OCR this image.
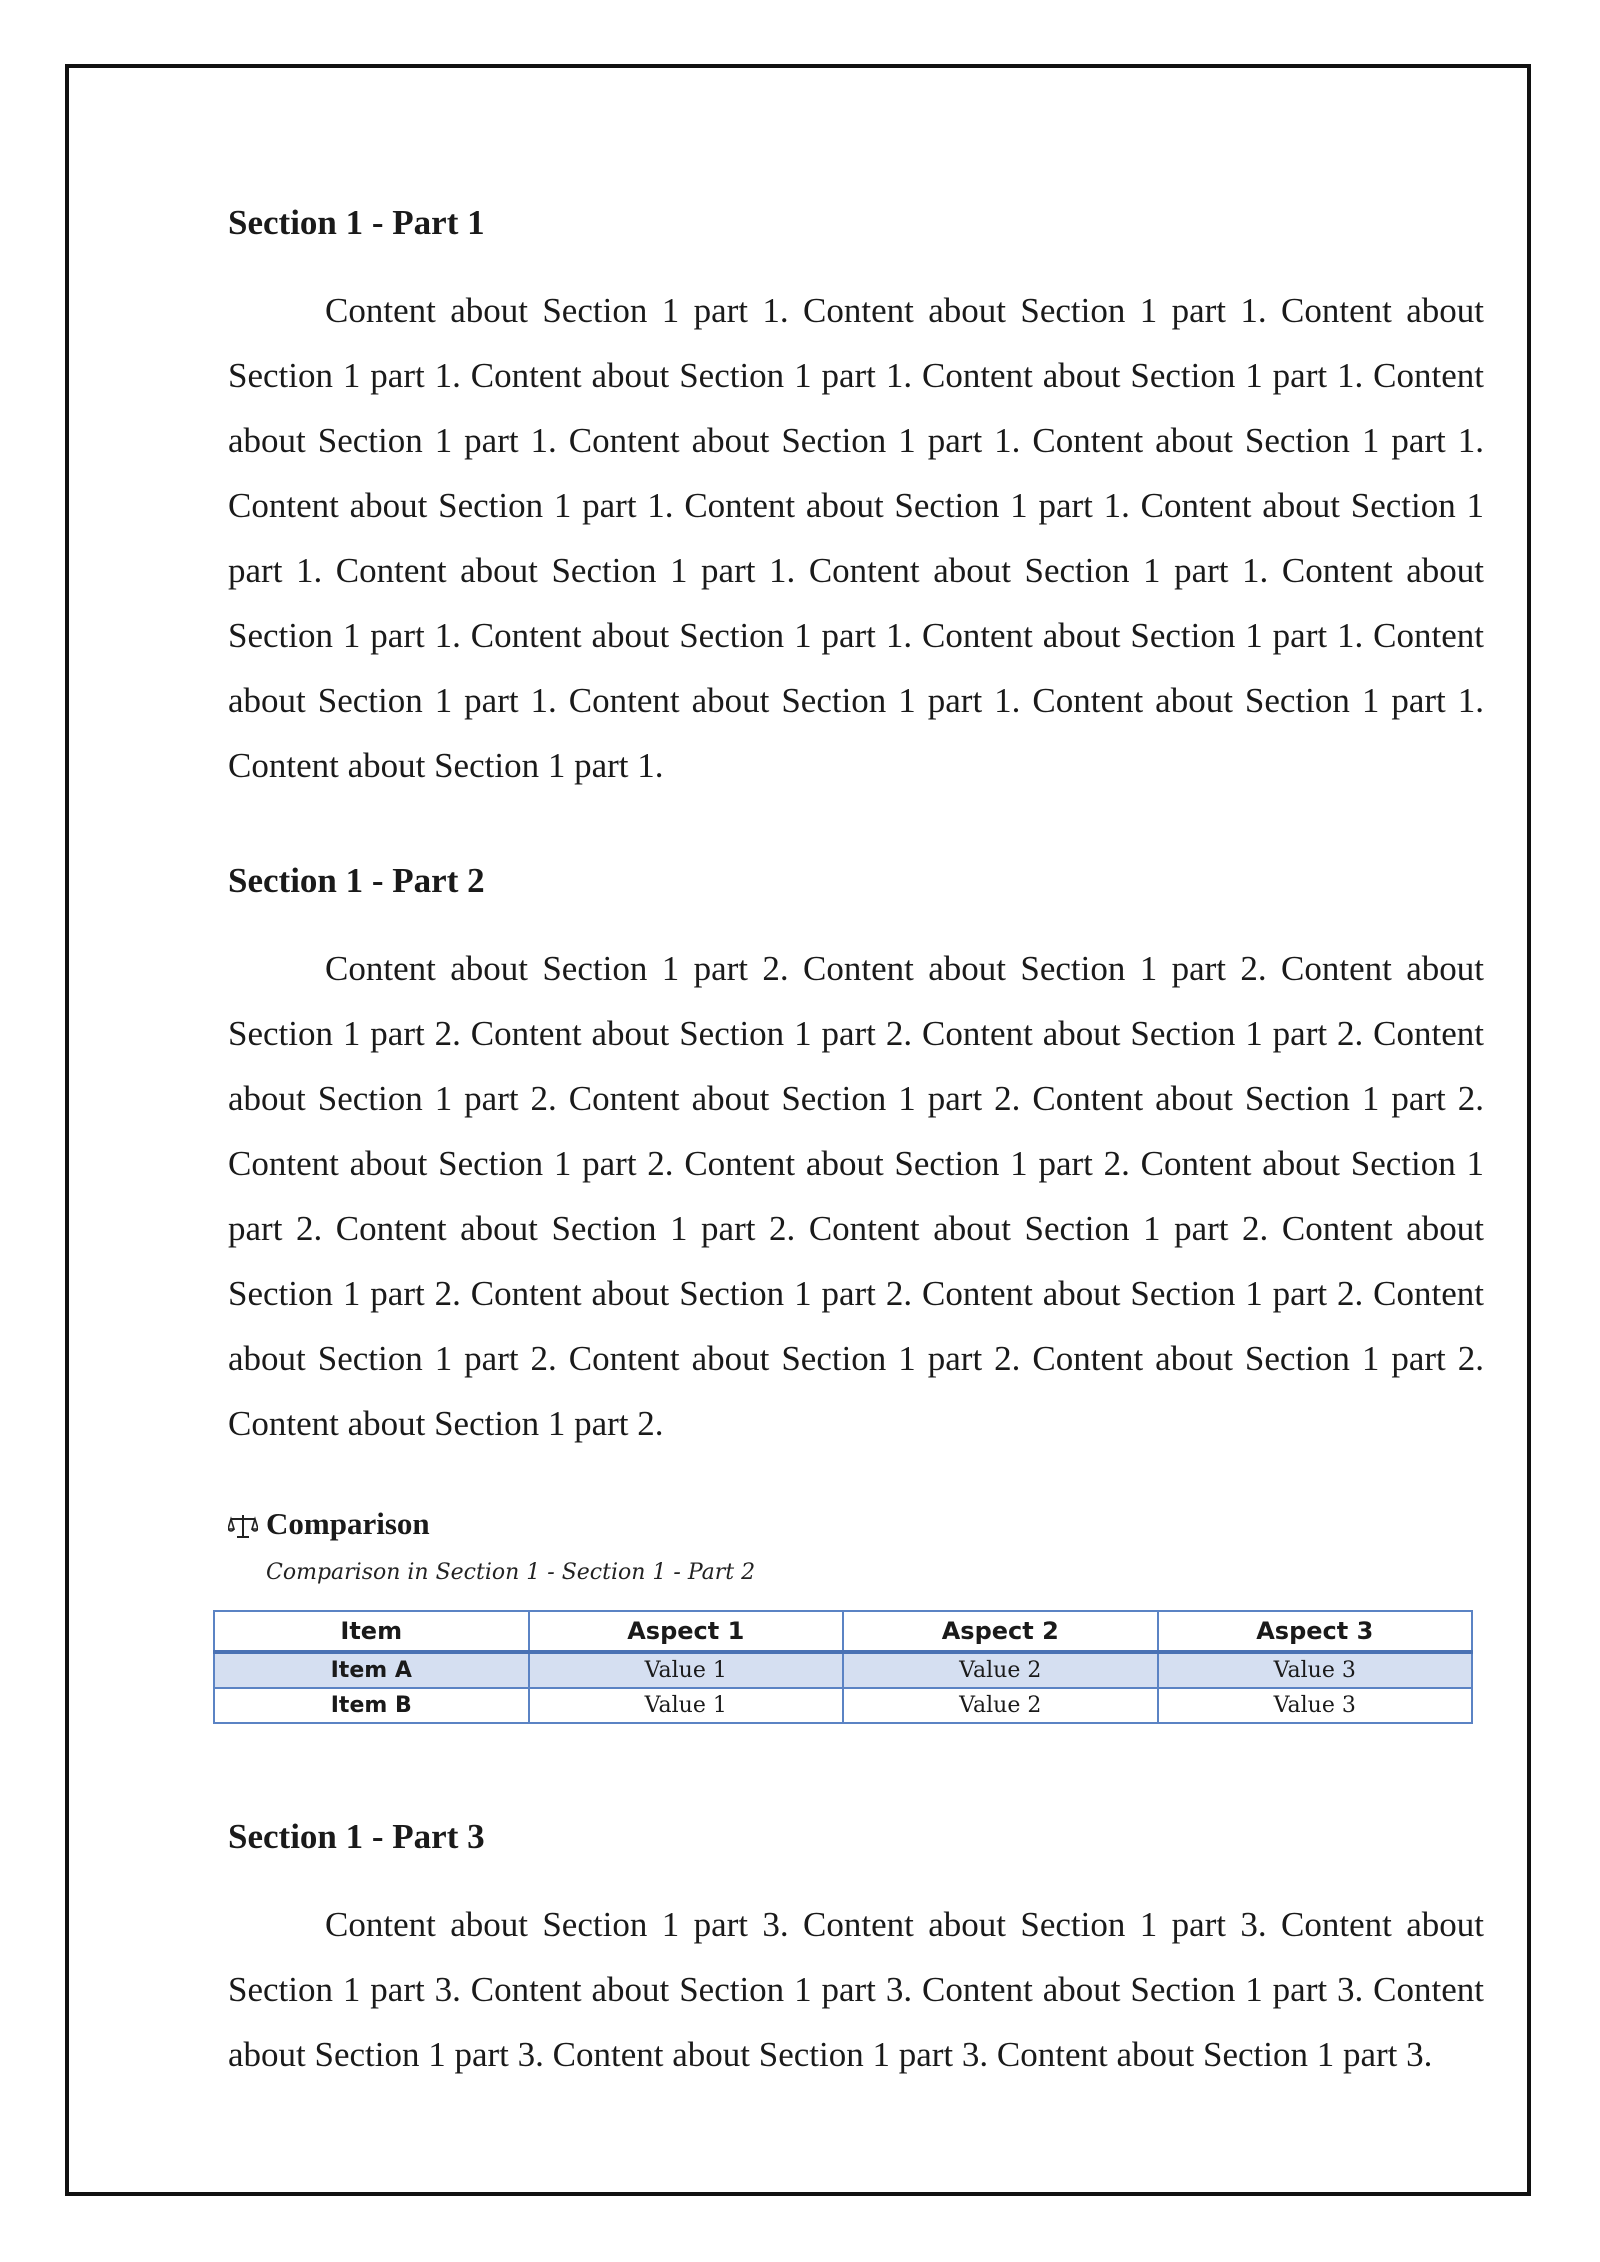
Section 1 - Part 1

Content about Section 1 part 1. Content about Section 1 part 1. Content about Section 1 part 1. Content about Section 1 part 1. Content about Section 1 part 1. Content about Section 1 part 1. Content about Section 1 part 1. Content about Section 1 part 1. Content about Section 1 part 1. Content about Section 1 part 1. Content about Section 1 part 1. Content about Section 1 part 1. Content about Section 1 part 1. Content about Section 1 part 1. Content about Section 1 part 1. Content about Section 1 part 1. Content about Section 1 part 1. Content about Section 1 part 1. Content about Section 1 part 1. Content about Section 1 part 1.

Section 1 - Part 2

Content about Section 1 part 2. Content about Section 1 part 2. Content about Section 1 part 2. Content about Section 1 part 2. Content about Section 1 part 2. Content about Section 1 part 2. Content about Section 1 part 2. Content about Section 1 part 2. Content about Section 1 part 2. Content about Section 1 part 2. Content about Section 1 part 2. Content about Section 1 part 2. Content about Section 1 part 2. Content about Section 1 part 2. Content about Section 1 part 2. Content about Section 1 part 2. Content about Section 1 part 2. Content about Section 1 part 2. Content about Section 1 part 2. Content about Section 1 part 2.

Comparison
Comparison in Section 1 - Section 1 - Part 2
Item	Aspect 1	Aspect 2	Aspect 3
Item A	Value 1	Value 2	Value 3
Item B	Value 1	Value 2	Value 3
Section 1 - Part 3

Content about Section 1 part 3. Content about Section 1 part 3. Content about Section 1 part 3. Content about Section 1 part 3. Content about Section 1 part 3. Content about Section 1 part 3. Content about Section 1 part 3. Content about Section 1 part 3.
